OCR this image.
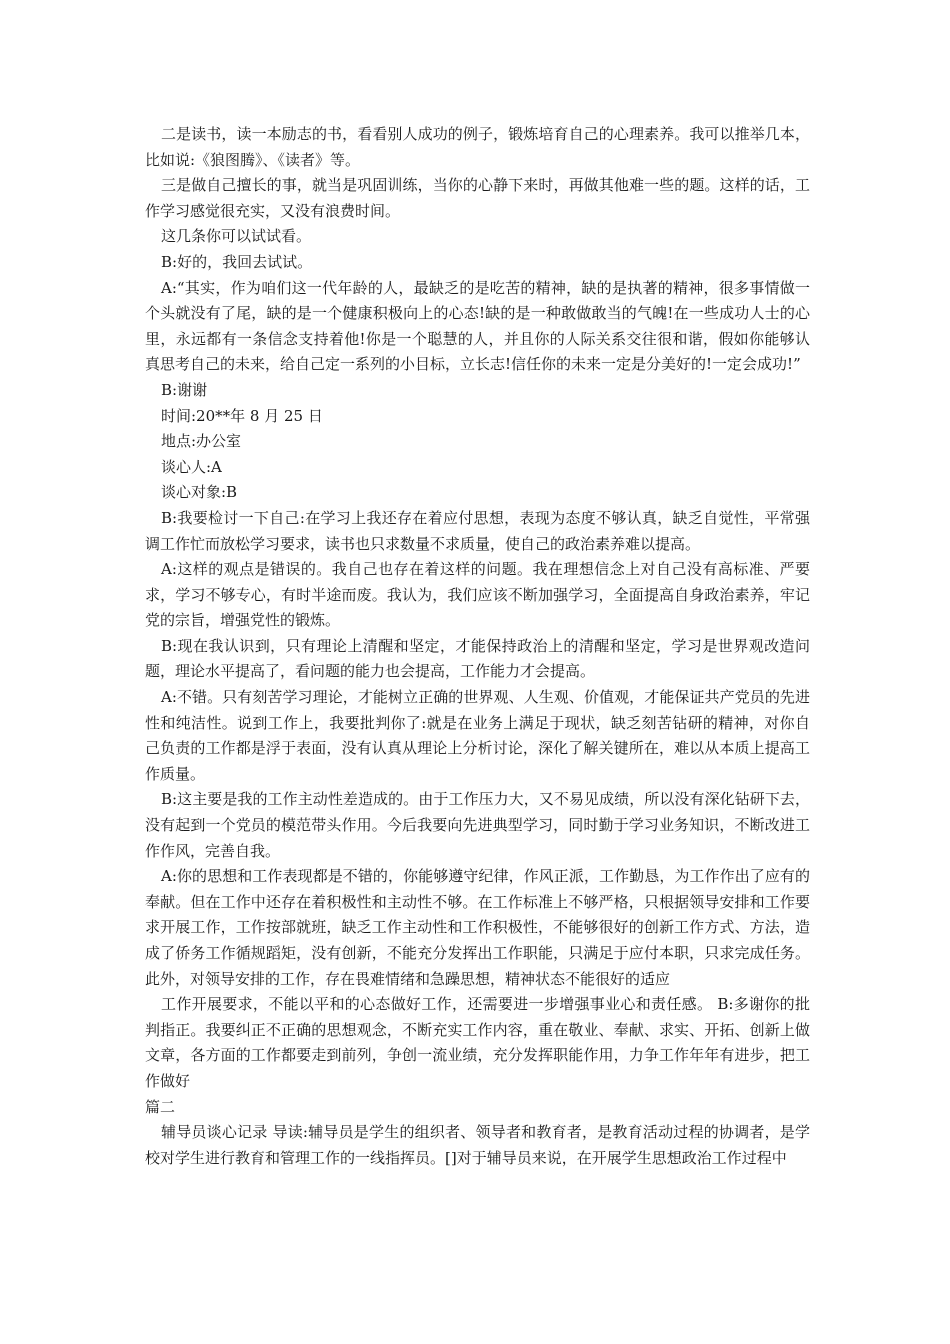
二是读书，读一本励志的书，看看别人成功的例子，锻炼培育自己的心理素养。我可以推举几本，比如说:《狼图腾》、《读者》等。

三是做自己擅长的事，就当是巩固训练，当你的心静下来时，再做其他难一些的题。这样的话，工作学习感觉很充实，又没有浪费时间。

这几条你可以试试看。

B:好的，我回去试试。

A:“其实，作为咱们这一代年龄的人，最缺乏的是吃苦的精神，缺的是执著的精神，很多事情做一个头就没有了尾，缺的是一个健康积极向上的心态!缺的是一种敢做敢当的气魄!在一些成功人士的心里，永远都有一条信念支持着他!你是一个聪慧的人，并且你的人际关系交往很和谐，假如你能够认真思考自己的未来，给自己定一系列的小目标，立长志!信任你的未来一定是分美好的!一定会成功!”

B:谢谢

时间:20**年 8 月 25 日

地点:办公室

谈心人:A

谈心对象:B

B:我要检讨一下自己:在学习上我还存在着应付思想，表现为态度不够认真，缺乏自觉性，平常强调工作忙而放松学习要求，读书也只求数量不求质量，使自己的政治素养难以提高。

A:这样的观点是错误的。我自己也存在着这样的问题。我在理想信念上对自己没有高标准、严要求，学习不够专心，有时半途而废。我认为，我们应该不断加强学习，全面提高自身政治素养，牢记党的宗旨，增强党性的锻炼。

B:现在我认识到，只有理论上清醒和坚定，才能保持政治上的清醒和坚定，学习是世界观改造问题，理论水平提高了，看问题的能力也会提高，工作能力才会提高。

A:不错。只有刻苦学习理论，才能树立正确的世界观、人生观、价值观，才能保证共产党员的先进性和纯洁性。说到工作上，我要批判你了:就是在业务上满足于现状，缺乏刻苦钻研的精神，对你自己负责的工作都是浮于表面，没有认真从理论上分析讨论，深化了解关键所在，难以从本质上提高工作质量。

B:这主要是我的工作主动性差造成的。由于工作压力大，又不易见成绩，所以没有深化钻研下去，没有起到一个党员的模范带头作用。今后我要向先进典型学习，同时勤于学习业务知识，不断改进工作作风，完善自我。

A:你的思想和工作表现都是不错的，你能够遵守纪律，作风正派，工作勤恳，为工作作出了应有的奉献。但在工作中还存在着积极性和主动性不够。在工作标准上不够严格，只根据领导安排和工作要求开展工作，工作按部就班，缺乏工作主动性和工作积极性，不能够很好的创新工作方式、方法，造成了侨务工作循规蹈矩，没有创新，不能充分发挥出工作职能，只满足于应付本职，只求完成任务。此外，对领导安排的工作，存在畏难情绪和急躁思想，精神状态不能很好的适应

工作开展要求，不能以平和的心态做好工作，还需要进一步增强事业心和责任感。 B:多谢你的批判指正。我要纠正不正确的思想观念，不断充实工作内容，重在敬业、奉献、求实、开拓、创新上做文章，各方面的工作都要走到前列，争创一流业绩，充分发挥职能作用，力争工作年年有进步，把工作做好

篇二

辅导员谈心记录 导读:辅导员是学生的组织者、领导者和教育者，是教育活动过程的协调者，是学校对学生进行教育和管理工作的一线指挥员。[]对于辅导员来说，在开展学生思想政治工作过程中
